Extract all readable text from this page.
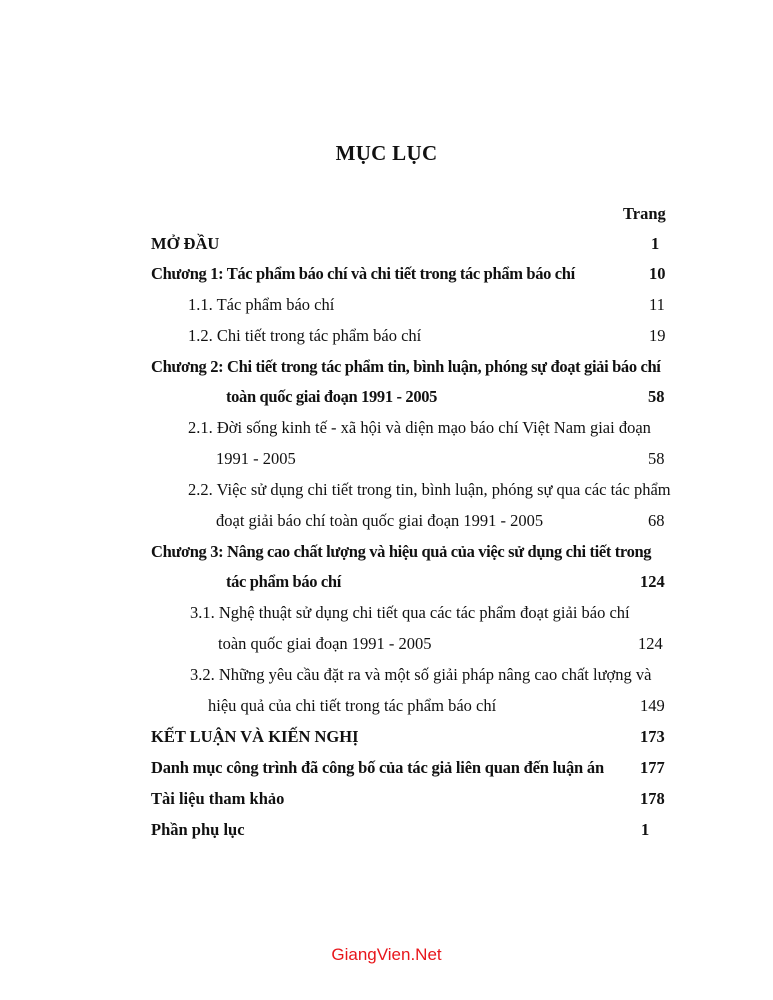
MỤC LỤC
Trang
MỞ ĐẦU	1
Chương 1: Tác phẩm báo chí và chi tiết trong tác phẩm báo chí	10
1.1. Tác phẩm báo chí	11
1.2. Chi tiết trong tác phẩm báo chí	19
Chương 2: Chi tiết trong tác phẩm tin, bình luận, phóng sự đoạt giải báo chí
toàn quốc giai đoạn 1991 - 2005	58
2.1. Đời sống kinh tế - xã hội và diện mạo báo chí Việt Nam giai đoạn
1991 - 2005	58
2.2. Việc sử dụng chi tiết trong tin, bình luận, phóng sự qua các tác phẩm
đoạt giải báo chí toàn quốc giai đoạn 1991 - 2005	68
Chương 3: Nâng cao chất lượng và hiệu quả của việc sử dụng chi tiết trong
tác phẩm báo chí	124
3.1. Nghệ thuật sử dụng chi tiết qua các tác phẩm đoạt giải báo chí
toàn quốc giai đoạn 1991 - 2005	124
3.2. Những yêu cầu đặt ra và một số giải pháp nâng cao chất lượng và
hiệu quả của chi tiết trong tác phẩm báo chí	149
KẾT LUẬN VÀ KIẾN NGHỊ	173
Danh mục công trình đã công bố của tác giả liên quan đến luận án 177
Tài liệu tham khảo	178
Phần phụ lục	1
GiangVien.Net
